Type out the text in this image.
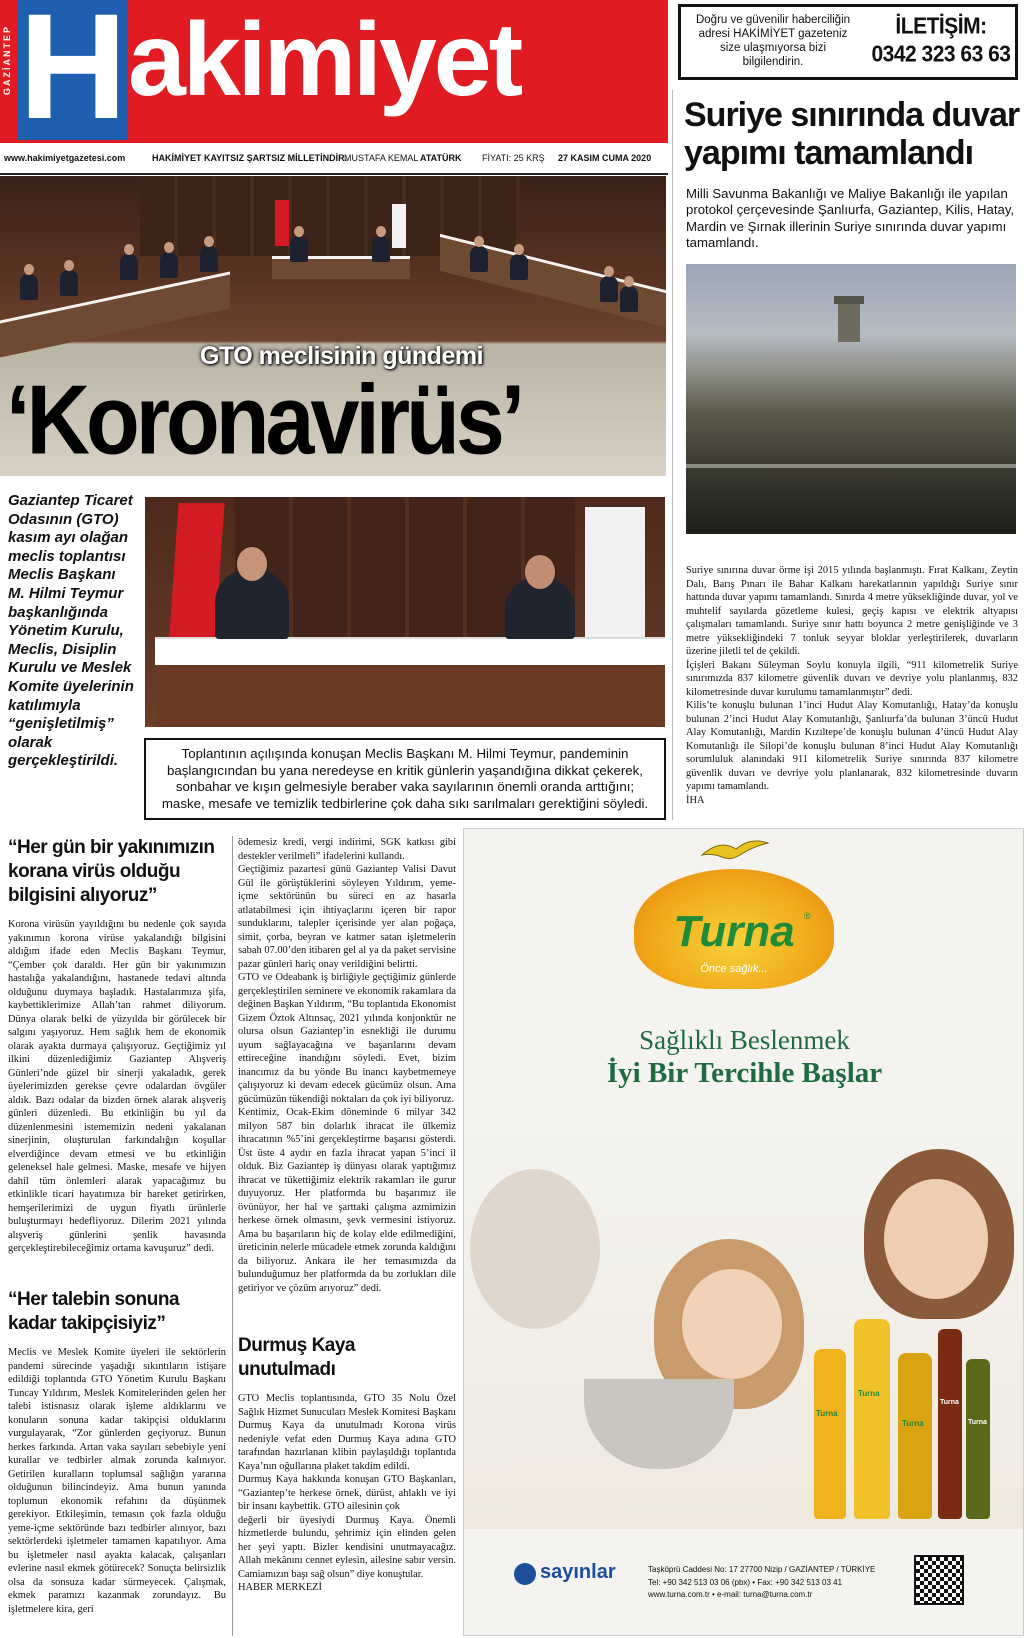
GAZİANTEP H akimiyet
www.hakimiyetgazetesi.com	HAKİMİYET KAYITSIZ ŞARTSIZ MİLLETİNDİR.
MUSTAFA KEMAL ATATÜRK FİYATI: 25 KRŞ 27 KASIM CUMA 2020
Doğru ve güvenilir haberciliğin adresi HAKİMİYET gazeteniz size ulaşmıyorsa bizi bilgilendirin.
İLETİŞİM:
0342 323 63 63
GTO meclisinin gündemi
‘Koronavirüs’
Gaziantep Ticaret Odasının (GTO) kasım ayı olağan meclis toplantısı Meclis Başkanı M. Hilmi Teymur başkanlığında Yönetim Kurulu, Meclis, Disiplin Kurulu ve Meslek Komite üyelerinin katılımıyla “genişletilmiş” olarak gerçekleştirildi.	Toplantının açılışında konuşan Meclis Başkanı M. Hilmi Teymur, pandeminin başlangıcından bu yana neredeyse en kritik günlerin yaşandığına dikkat çekerek, sonbahar ve kışın gelmesiyle beraber vaka sayılarının önemli oranda arttığını; maske, mesafe ve temizlik tedbirlerine çok daha sıkı sarılmaları gerektiğini söyledi.
Suriye sınırında duvar yapımı tamamlandı
Milli Savunma Bakanlığı ve Maliye Bakanlığı ile yapılan protokol çerçevesinde Şanlıurfa, Gaziantep, Kilis, Hatay, Mardin ve Şırnak illerinin Suriye sınırında duvar yapımı tamamlandı.

Suriye sınırına duvar örme işi 2015 yılında başlanmıştı. Fırat Kalkanı, Zeytin Dalı, Barış Pınarı ile Bahar Kalkanı harekatlarının yapıldığı Suriye sınır hattında duvar yapımı tamamlandı. Sınırda 4 metre yüksekliğinde duvar, yol ve muhtelif sayılarda gözetleme kulesi, geçiş kapısı ve elektrik altyapısı çalışmaları tamamlandı. Suriye sınır hattı boyunca 2 metre genişliğinde ve 3 metre yüksekliğindeki 7 tonluk seyyar bloklar yerleştirilerek, duvarların üzerine jiletli tel de çekildi.

İçişleri Bakanı Süleyman Soylu konuyla ilgili, “911 kilometrelik Suriye sınırımızda 837 kilometre güvenlik duvarı ve devriye yolu planlanmış, 832 kilometresinde duvar kurulumu tamamlanmıştır” dedi.

Kilis’te konuşlu bulunan 1’inci Hudut Alay Komutanlığı, Hatay’da konuşlu bulunan 2’inci Hudut Alay Komutanlığı, Şanlıurfa’da bulunan 3’üncü Hudut Alay Komutanlığı, Mardin Kızıltepe’de konuşlu bulunan 4’üncü Hudut Alay Komutanlığı ile Silopi’de konuşlu bulunan 8’inci Hudut Alay Komutanlığı sorumluluk alanındaki 911 kilometrelik Suriye sınırında 837 kilometre güvenlik duvarı ve devriye yolu planlanarak, 832 kilometresinde duvarın yapımı tamamlandı.

İHA

“Her gün bir yakınımızın korana virüs olduğu bilgisini alıyoruz”

Korona virüsün yayıldığını bu nedenle çok sayıda yakınımın korona virüse yakalandığı bilgisini aldığım ifade eden Meclis Başkanı Teymur, “Çember çok daraldı. Her gün bir yakınımızın hastalığa yakalandığını, hastanede tedavi altında olduğunu duymaya başladık. Hastalarımıza şifa, kaybettiklerimize Allah’tan rahmet diliyorum. Dünya olarak belki de yüzyılda bir görülecek bir salgını yaşıyoruz. Hem sağlık hem de ekonomik olarak ayakta durmaya çalışıyoruz. Geçtiğimiz yıl ilkini düzenlediğimiz Gaziantep Alışveriş Günleri’nde güzel bir sinerji yakaladık, gerek üyelerimizden gerekse çevre odalardan övgüler aldık. Bazı odalar da bizden örnek alarak alışveriş günleri düzenledi. Bu etkinliğin bu yıl da düzenlenmesini istememizin nedeni yakalanan sinerjinin, oluşturulan farkındalığın koşullar elverdiğince devam etmesi ve bu etkinliğin geleneksel hale gelmesi. Maske, mesafe ve hijyen dahil tüm önlemleri alarak yapacağımız bu etkinlikle ticari hayatımıza bir hareket getirirken, hemşerilerimizi de uygun fiyatlı ürünlerle buluşturmayı hedefliyoruz. Dilerim 2021 yılında alışveriş günlerini şenlik havasında gerçekleştirebileceğimiz ortama kavuşuruz” dedi.

“Her talebin sonuna kadar takipçisiyiz”

Meclis ve Meslek Komite üyeleri ile sektörlerin pandemi sürecinde yaşadığı sıkıntıların istişare edildiği toplantıda GTO Yönetim Kurulu Başkanı Tuncay Yıldırım, Meslek Komitelerinden gelen her talebi istisnasız olarak işleme aldıklarını ve konuların sonuna kadar takipçisi olduklarını vurgulayarak, “Zor günlerden geçiyoruz. Bunun herkes farkında. Artan vaka sayıları sebebiyle yeni kurallar ve tedbirler almak zorunda kalınıyor. Getirilen kuralların toplumsal sağlığın yararına olduğunun bilincindeyiz. Ama bunun yanında toplumun ekonomik refahını da düşünmek gerekiyor. Etkileşimin, temasın çok fazla olduğu yeme-içme sektöründe bazı tedbirler alınıyor, bazı sektörlerdeki işletmeler tamamen kapatılıyor. Ama bu işletmeler nasıl ayakta kalacak, çalışanları evlerine nasıl ekmek götürecek? Sonuçta belirsizlik olsa da sonsuza kadar sürmeyecek. Çalışmak, ekmek paramızı kazanmak zorundayız. Bu işletmelere kira, geri

ödemesiz kredi, vergi indirimi, SGK katkısı gibi destekler verilmeli” ifadelerini kullandı.

Geçtiğimiz pazartesi günü Gaziantep Valisi Davut Gül ile görüştüklerini söyleyen Yıldırım, yeme-içme sektörünün bu süreci en az hasarla atlatabilmesi için ihtiyaçlarını içeren bir rapor sunduklarını, talepler içerisinde yer alan poğaça, simit, çorba, beyran ve katmer satan işletmelerin sabah 07.00’den itibaren gel al ya da paket servisine pazar günleri hariç onay verildiğini belirtti.

GTO ve Odeabank iş birliğiyle geçtiğimiz günlerde gerçekleştirilen seminere ve ekonomik rakamlara da değinen Başkan Yıldırım, “Bu toplantıda Ekonomist Gizem Öztok Altınsaç, 2021 yılında konjonktür ne olursa olsun Gaziantep’in esnekliği ile durumu uyum sağlayacağına ve başarılarını devam ettireceğine inandığını söyledi. Evet, bizim inancımız da bu yönde Bu inancı kaybetmemeye çalışıyoruz ki devam edecek gücümüz olsun. Ama gücümüzün tükendiği noktaları da çok iyi biliyoruz.

Kentimiz, Ocak-Ekim döneminde 6 milyar 342 milyon 587 bin dolarlık ihracat ile ülkemiz ihracatının %5’ini gerçekleştirme başarısı gösterdi. Üst üste 4 aydır en fazla ihracat yapan 5’inci il olduk. Biz Gaziantep iş dünyası olarak yaptığımız ihracat ve tükettiğimiz elektrik rakamları ile gurur duyuyoruz. Her platformda bu başarımız ile övünüyor, her hal ve şarttaki çalışma azmimizin herkese örnek olmasını, şevk vermesini istiyoruz. Ama bu başarıların hiç de kolay elde edilmediğini, üreticinin nelerle mücadele etmek zorunda kaldığını da biliyoruz. Ankara ile her temasımızda da bulunduğumuz her platformda da bu zorlukları dile getiriyor ve çözüm arıyoruz” dedi.

Durmuş Kaya unutulmadı

GTO Meclis toplantısında, GTO 35 Nolu Özel Sağlık Hizmet Sunucuları Meslek Komitesi Başkanı Durmuş Kaya da unutulmadı Korona virüs nedeniyle vefat eden Durmuş Kaya adına GTO tarafından hazırlanan klibin paylaşıldığı toplantıda Kaya’nın oğullarına plaket takdim edildi.

Durmuş Kaya hakkında konuşan GTO Başkanları, “Gaziantep’te herkese örnek, dürüst, ahlaklı ve iyi bir insanı kaybettik. GTO ailesinin çok

değerli bir üyesiydi Durmuş Kaya. Önemli hizmetlerde bulundu, şehrimiz için elinden gelen her şeyi yaptı. Bizler kendisini unutmayacağız. Allah mekânını cennet eylesin, ailesine sabır versin. Camiamızın başı sağ olsun” diye konuştular.

HABER MERKEZİ

Turna	®
Önce sağlık...
Sağlıklı Beslenmek
İyi Bir Tercihle Başlar
Turna
Turna
Turna
Turna
Turna
sayınlar	Taşköprü Caddesi No: 17 27700 Nizip / GAZİANTEP / TÜRKİYE
Tel: +90 342 513 03 06 (pbx) • Fax: +90 342 513 03 41
www.turna.com.tr • e-mail: turna@turna.com.tr
